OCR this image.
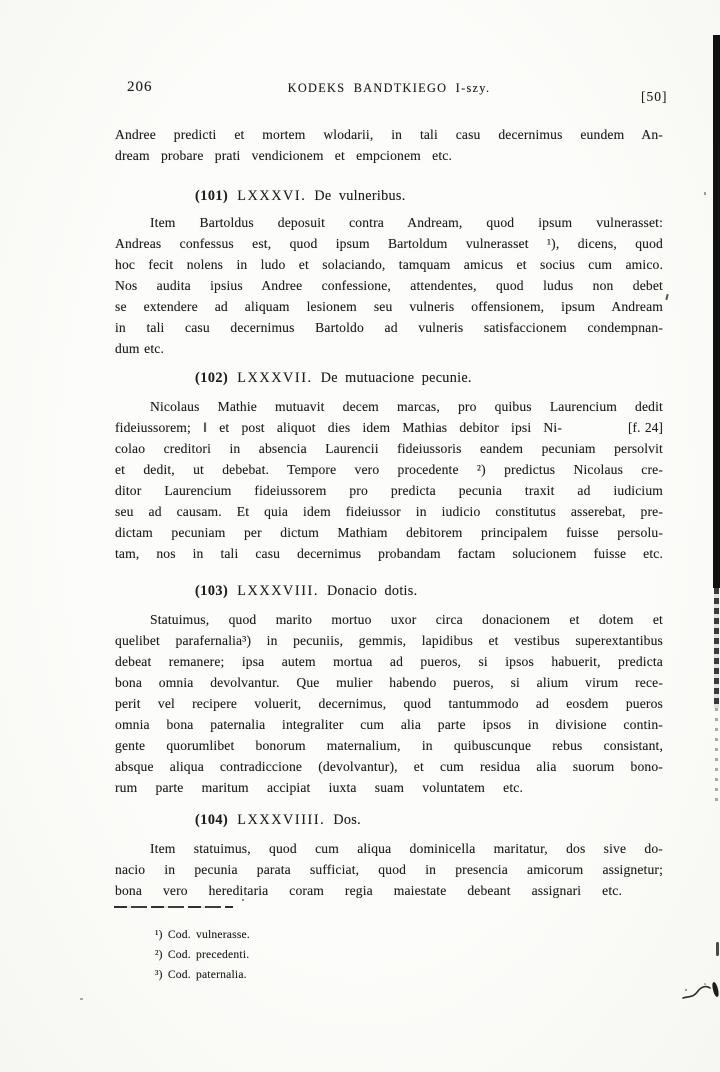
206	KODEKS BANDTKIEGO I-szy.
[50]
Andree predicti et mortem wlodarii, in tali casu decernimus eundem An-
dream probare prati vendicionem et empcionem etc.
(101) LXXXVI. De vulneribus.
Item Bartoldus deposuit contra Andream, quod ipsum vulnerasset:
Andreas confessus est, quod ipsum Bartoldum vulnerasset ¹), dicens, quod
hoc fecit nolens in ludo et solaciando, tamquam amicus et socius cum amico.
Nos audita ipsius Andree confessione, attendentes, quod ludus non debet
se extendere ad aliquam lesionem seu vulneris offensionem, ipsum Andream
in tali casu decernimus Bartoldo ad vulneris satisfaccionem condempnan-
dum etc.
(102) LXXXVII. De mutuacione pecunie.
Nicolaus Mathie mutuavit decem marcas, pro quibus Laurencium dedit
fideiussorem; ‖ et post aliquot dies idem Mathias debitor ipsi Ni-	[f. 24]
colao creditori in absencia Laurencii fideiussoris eandem pecuniam persolvit
et dedit, ut debebat. Tempore vero procedente ²) predictus Nicolaus cre-
ditor Laurencium fideiussorem pro predicta pecunia traxit ad iudicium
seu ad causam. Et quia idem fideiussor in iudicio constitutus asserebat, pre-
dictam pecuniam per dictum Mathiam debitorem principalem fuisse persolu-
tam, nos in tali casu decernimus probandam factam solucionem fuisse etc.
(103) LXXXVIII. Donacio dotis.
Statuimus, quod marito mortuo uxor circa donacionem et dotem et
quelibet parafernalia³) in pecuniis, gemmis, lapidibus et vestibus superextantibus
debeat remanere; ipsa autem mortua ad pueros, si ipsos habuerit, predicta
bona omnia devolvantur. Que mulier habendo pueros, si alium virum rece-
perit vel recipere voluerit, decernimus, quod tantummodo ad eosdem pueros
omnia bona paternalia integraliter cum alia parte ipsos in divisione contin-
gente quorumlibet bonorum maternalium, in quibuscunque rebus consistant,
absque aliqua contradiccione (devolvantur), et cum residua alia suorum bono-
rum parte maritum accipiat iuxta suam voluntatem etc.
(104) LXXXVIIII. Dos.
Item statuimus, quod cum aliqua dominicella maritatur, dos sive do-
nacio in pecunia parata sufficiat, quod in presencia amicorum assignetur;
bona vero hereditaria coram regia maiestate debeant assignari etc.
¹) Cod. vulnerasse.
²) Cod. precedenti.
³) Cod. paternalia.
